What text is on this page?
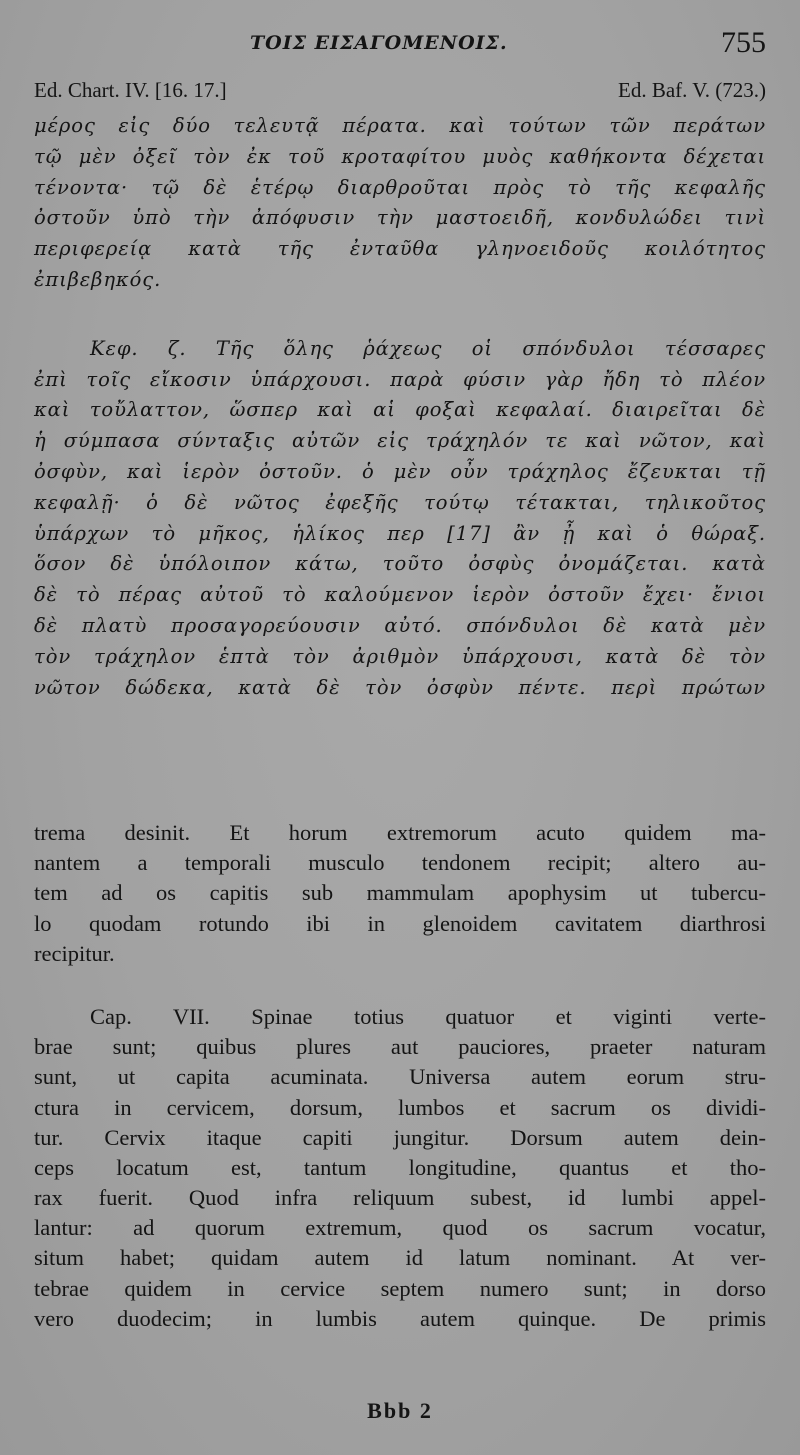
ΤΟΙΣ ΕΙΣΑΓΟΜΕΝΟΙΣ.	755
Ed. Chart. IV. [16. 17.]	Ed. Baf. V. (723.)
μέρος εἰς δύο τελευτᾷ πέρατα. καὶ τούτων τῶν περάτων
τῷ μὲν ὀξεῖ τὸν ἐκ τοῦ κροταφίτου μυὸς καθήκοντα δέχεται
τένοντα· τῷ δὲ ἑτέρῳ διαρθροῦται πρὸς τὸ τῆς κεφαλῆς
ὀστοῦν ὑπὸ τὴν ἀπόφυσιν τὴν μαστοειδῆ, κονδυλώδει τινὶ
περιφερείᾳ κατὰ τῆς ἐνταῦθα γληνοειδοῦς κοιλότητος
ἐπιβεβηκός.
Κεφ. ζ. Τῆς ὅλης ῥάχεως οἱ σπόνδυλοι τέσσαρες
ἐπὶ τοῖς εἴκοσιν ὑπάρχουσι. παρὰ φύσιν γὰρ ἤδη τὸ πλέον
καὶ τοὔλαττον, ὥσπερ καὶ αἱ φοξαὶ κεφαλαί. διαιρεῖται δὲ
ἡ σύμπασα σύνταξις αὐτῶν εἰς τράχηλόν τε καὶ νῶτον, καὶ
ὀσφὺν, καὶ ἱερὸν ὀστοῦν. ὁ μὲν οὖν τράχηλος ἔζευκται τῇ
κεφαλῇ· ὁ δὲ νῶτος ἐφεξῆς τούτῳ τέτακται, τηλικοῦτος
ὑπάρχων τὸ μῆκος, ἡλίκος περ [17] ἂν ᾖ καὶ ὁ θώραξ.
ὅσον δὲ ὑπόλοιπον κάτω, τοῦτο ὀσφὺς ὀνομάζεται. κατὰ
δὲ τὸ πέρας αὐτοῦ τὸ καλούμενον ἱερὸν ὀστοῦν ἔχει· ἔνιοι
δὲ πλατὺ προσαγορεύουσιν αὐτό. σπόνδυλοι δὲ κατὰ μὲν
τὸν τράχηλον ἑπτὰ τὸν ἀριθμὸν ὑπάρχουσι, κατὰ δὲ τὸν
νῶτον δώδεκα, κατὰ δὲ τὸν ὀσφὺν πέντε. περὶ πρώτων
trema desinit. Et horum extremorum acuto quidem ma-
nantem a temporali musculo tendonem recipit; altero au-
tem ad os capitis sub mammulam apophysim ut tubercu-
lo quodam rotundo ibi in glenoidem cavitatem diarthrosi
recipitur.
Cap. VII. Spinae totius quatuor et viginti verte-
brae sunt; quibus plures aut pauciores, praeter naturam
sunt, ut capita acuminata. Universa autem eorum stru-
ctura in cervicem, dorsum, lumbos et sacrum os dividi-
tur. Cervix itaque capiti jungitur. Dorsum autem dein-
ceps locatum est, tantum longitudine, quantus et tho-
rax fuerit. Quod infra reliquum subest, id lumbi appel-
lantur: ad quorum extremum, quod os sacrum vocatur,
situm habet; quidam autem id latum nominant. At ver-
tebrae quidem in cervice septem numero sunt; in dorso
vero duodecim; in lumbis autem quinque. De primis
Bbb 2
